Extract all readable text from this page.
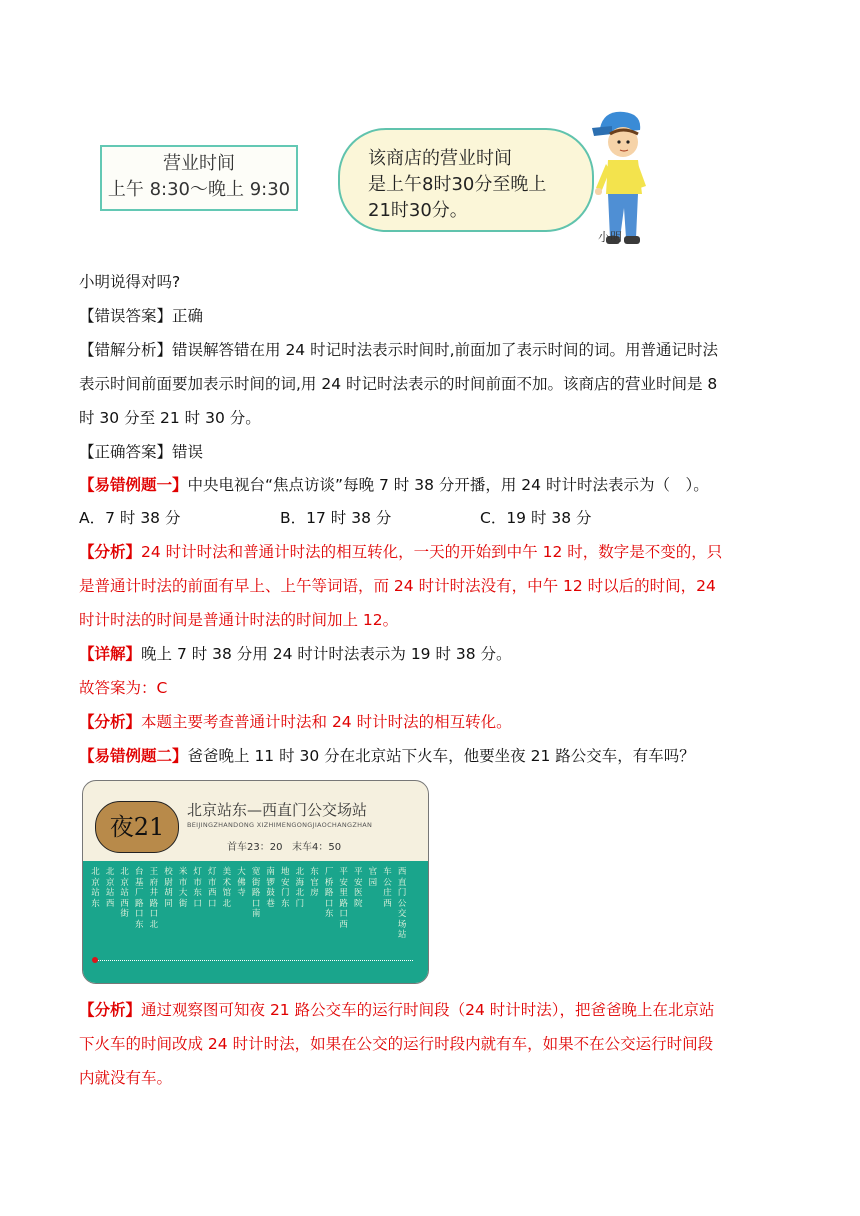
营业时间
上午 8:30～晚上 9:30
该商店的营业时间
是上午8时30分至晚上
21时30分。
小明
小明说得对吗?
【错误答案】正确
【错解分析】错误解答错在用 24 时记时法表示时间时,前面加了表示时间的词。用普通记时法
表示时间前面要加表示时间的词,用 24 时记时法表示的时间前面不加。该商店的营业时间是 8
时 30 分至 21 时 30 分。
【正确答案】错误
【易错例题一】中央电视台“焦点访谈”每晚 7 时 38 分开播，用 24 时计时法表示为（　）。
A．7 时 38 分	B．17 时 38 分	C．19 时 38 分
【分析】24 时计时法和普通计时法的相互转化，一天的开始到中午 12 时，数字是不变的，只
是普通计时法的前面有早上、上午等词语，而 24 时计时法没有，中午 12 时以后的时间，24
时计时法的时间是普通计时法的时间加上 12。
【详解】晚上 7 时 38 分用 24 时计时法表示为 19 时 38 分。
故答案为：C
【分析】本题主要考查普通计时法和 24 时计时法的相互转化。
【易错例题二】爸爸晚上 11 时 30 分在北京站下火车，他要坐夜 21 路公交车，有车吗？
夜21
北京站东—西直门公交场站
BEIJINGZHANDONG XIZHIMENGONGJIAOCHANGZHAN
首车23：20 末车4：50
北京站东
北京站西
北京站西街
台基厂路口东
王府井路口北
校尉胡同
米市大街
灯市东口
灯市西口
美术馆北
大佛寺
宽街路口南
南锣鼓巷
地安门东
北海北门
东官房
厂桥路口东
平安里路口西
平安医院
官园
车公庄西
西直门公交场站
【分析】通过观察图可知夜 21 路公交车的运行时间段（24 时计时法），把爸爸晚上在北京站
下火车的时间改成 24 时计时法，如果在公交的运行时段内就有车，如果不在公交运行时间段
内就没有车。
